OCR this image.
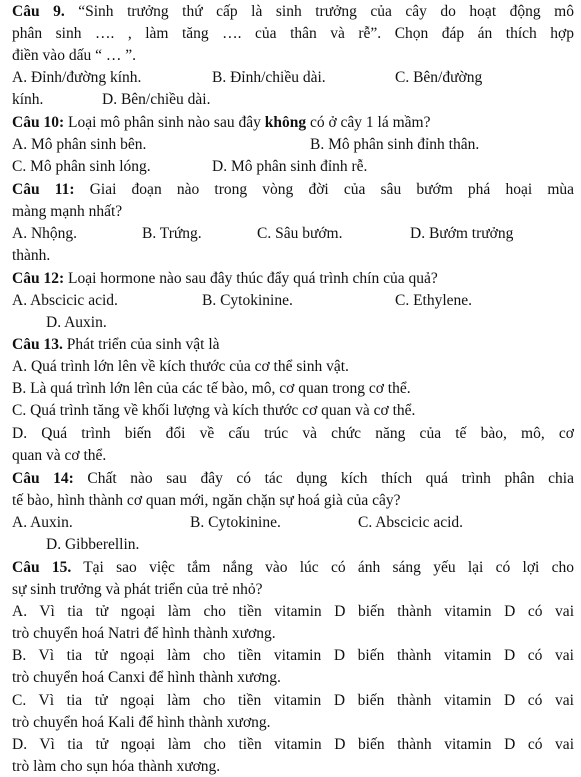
Câu 9. “Sinh trưởng thứ cấp là sinh trưởng của cây do hoạt động mô
phân sinh …. , làm tăng …. của thân và rễ”. Chọn đáp án thích hợp
điền vào dấu “ … ”.
A. Đỉnh/đường kính.	B. Đỉnh/chiều dài.	C. Bên/đường
kính.	D. Bên/chiều dài.
Câu 10: Loại mô phân sinh nào sau đây không có ở cây 1 lá mầm?
A. Mô phân sinh bên.	B. Mô phân sinh đỉnh thân.
C. Mô phân sinh lóng.	D. Mô phân sinh đỉnh rễ.
Câu 11: Giai đoạn nào trong vòng đời của sâu bướm phá hoại mùa
màng mạnh nhất?
A. Nhộng.	B. Trứng.	C. Sâu bướm.	D. Bướm trưởng
thành.
Câu 12: Loại hormone nào sau đây thúc đẩy quá trình chín của quả?
A. Abscicic acid.	B. Cytokinine.	C. Ethylene.
D. Auxin.
Câu 13. Phát triển của sinh vật là
A. Quá trình lớn lên về kích thước của cơ thể sinh vật.
B. Là quá trình lớn lên của các tế bào, mô, cơ quan trong cơ thể.
C. Quá trình tăng về khối lượng và kích thước cơ quan và cơ thể.
D. Quá trình biến đổi về cấu trúc và chức năng của tế bào, mô, cơ
quan và cơ thể.
Câu 14: Chất nào sau đây có tác dụng kích thích quá trình phân chia
tế bào, hình thành cơ quan mới, ngăn chặn sự hoá già của cây?
A. Auxin.	B. Cytokinine.	C. Abscicic acid.
D. Gibberellin.
Câu 15. Tại sao việc tắm nắng vào lúc có ánh sáng yếu lại có lợi cho
sự sinh trưởng và phát triển của trẻ nhỏ?
A. Vì tia tử ngoại làm cho tiền vitamin D biến thành vitamin D có vai
trò chuyển hoá Natri để hình thành xương.
B. Vì tia tử ngoại làm cho tiền vitamin D biến thành vitamin D có vai
trò chuyển hoá Canxi để hình thành xương.
C. Vì tia tử ngoại làm cho tiền vitamin D biến thành vitamin D có vai
trò chuyển hoá Kali để hình thành xương.
D. Vì tia tử ngoại làm cho tiền vitamin D biến thành vitamin D có vai
trò làm cho sụn hóa thành xương.
